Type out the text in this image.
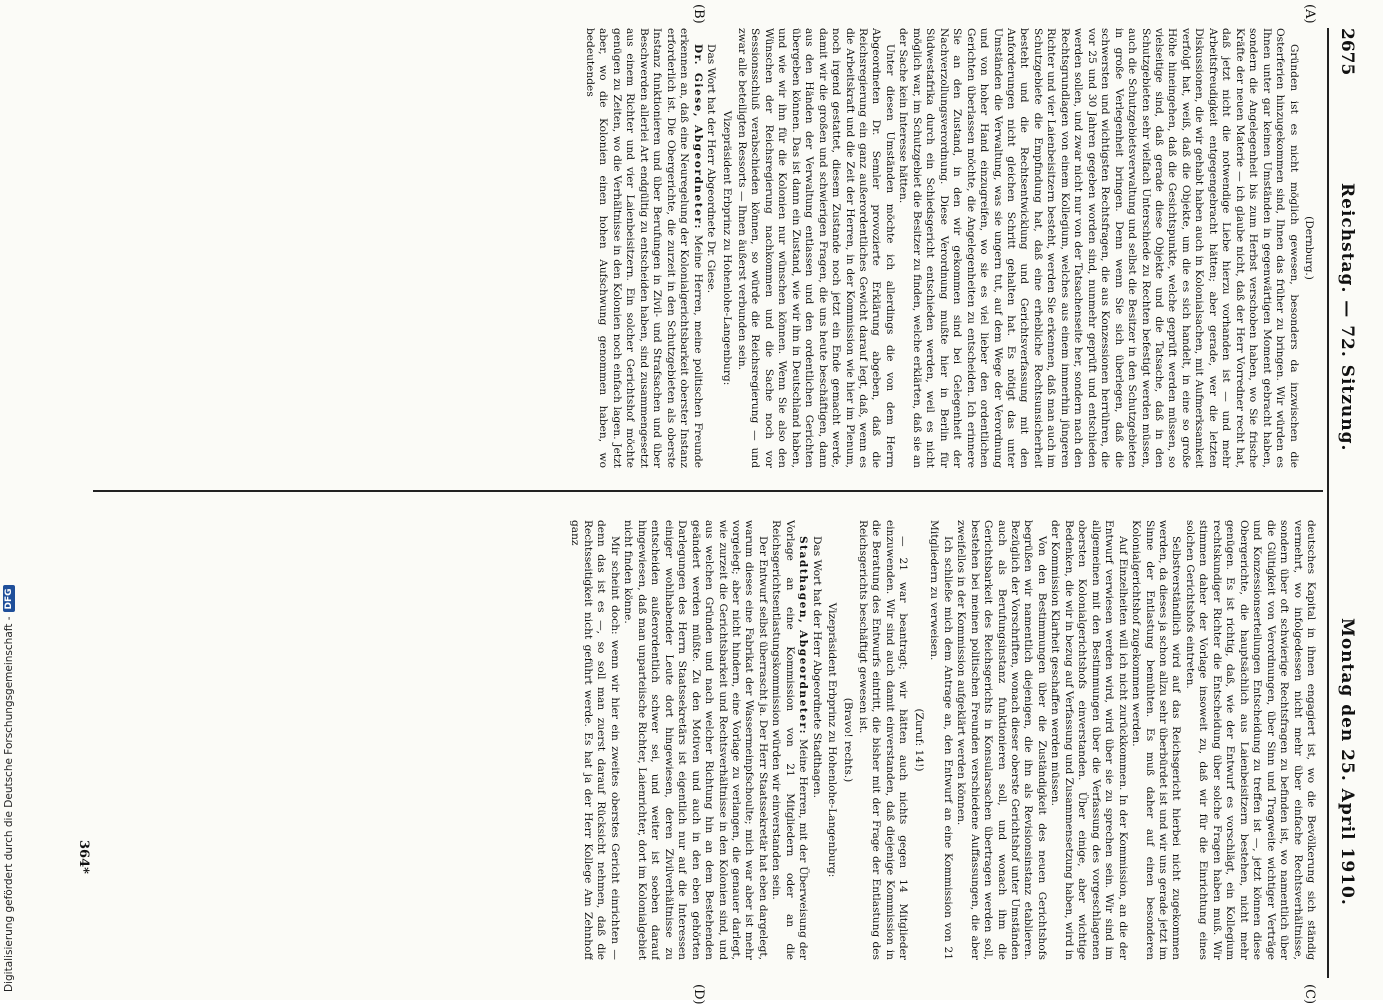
2675
Reichstag. — 72. Sitzung.
Montag den 25. April 1910.
(A)
(B)
(C)
(D)

(Dernburg.)

Gründen ist es nicht möglich gewesen, besonders da inzwischen die Osterferien hinzugekommen sind, Ihnen das früher zu bringen. Wir würden es Ihnen unter gar keinen Umständen in gegenwärtigen Moment gebracht haben, sondern die Angelegenheit bis zum Herbst verschoben haben, wo Sie frische Kräfte der neuen Materie — ich glaube nicht, daß der Herr Vorredner recht hat, daß jetzt nicht die notwendige Liebe hierzu vorhanden ist — und mehr Arbeitsfreudigkeit entgegengebracht hätten; aber gerade, wer die letzten Diskussionen, die wir gehabt haben auch in Kolonialsachen, mit Aufmerksamkeit verfolgt hat, weiß, daß die Objekte, um die es sich handelt, in eine so große Höhe hineingehen, daß die Gesichtspunkte, welche geprüft werden müssen, so vielseitige sind, daß gerade diese Objekte und die Tatsache, daß in den Schutzgebieten sehr vielfach Unterschiede zu Rechten befestigt werden müssen, auch die Schutzgebietsverwaltung und selbst die Besitzer in den Schutzgebieten in große Verlegenheit bringen. Denn wenn Sie sich überlegen, daß die schwersten und wichtigsten Rechtsfragen, die aus Konzessionen herrühren, die vor 25 und 30 Jahren gegeben worden sind, nunmehr geprüft und entschieden werden sollen, und zwar nicht nur von der Tatsachenseite her, sondern nach den Rechtsgrundlagen von einem Kollegium, welches aus einem immerhin jüngeren Richter und vier Laienbeisitzern besteht, werden Sie erkennen, daß man auch im Schutzgebiete die Empfindung hat, daß eine erhebliche Rechtsunsicherheit besteht und die Rechtsentwicklung und Gerichtsverfassung mit den Anforderungen nicht gleichen Schritt gehalten hat. Es nötigt das unter Umständen die Verwaltung, was sie ungern tut, auf dem Wege der Verordnung und von hoher Hand einzugreifen, wo sie es viel lieber den ordentlichen Gerichten überlassen möchte, die Angelegenheiten zu entscheiden. Ich erinnere Sie an den Zustand, in den wir gekommen sind bei Gelegenheit der Nachverzollungsverordnung. Diese Verordnung mußte hier in Berlin für Südwestafrika durch ein Schiedsgericht entschieden werden, weil es nicht möglich war, im Schutzgebiet die Besitzer zu finden, welche erklärten, daß sie an der Sache kein Interesse hätten.

Unter diesen Umständen möchte ich allerdings die von dem Herrn Abgeordneten Dr. Semler provozierte Erklärung abgeben, daß die Reichsregierung ein ganz außerordentliches Gewicht darauf legt, daß, wenn es die Arbeitskraft und die Zeit der Herren, in der Kommission wie hier im Plenum, noch irgend gestattet, diesem Zustande noch jetzt ein Ende gemacht werde, damit wir die großen und schwierigen Fragen, die uns heute beschäftigen, dann aus den Händen der Verwaltung entlassen und den ordentlichen Gerichten übergeben können. Das ist dann ein Zustand, wie wir ihn in Deutschland haben, und wie wir ihn für die Kolonien nur wünschen können. Wenn Sie also den Wünschen der Reichsregierung nachkommen und die Sache noch vor Sessionsschluß verabschieden können, so würde die Reichsregierung — und zwar alle beteiligten Ressorts — Ihnen äußerst verbunden sein.

Vizepräsident Erbprinz zu Hohenlohe-Langenburg:

Das Wort hat der Herr Abgeordnete Dr. Giese.

Dr. Giese, Abgeordneter: Meine Herren, meine politischen Freunde erkennen an, daß eine Neuregelung der Kolonialgerichtsbarkeit oberster Instanz erforderlich ist. Die Obergerichte, die zurzeit in den Schutzgebieten als oberste Instanz funktionieren und über Berufungen in Zivil- und Strafsachen und über Beschwerden allerlei Art endgültig zu entscheiden haben, sind zusammengesetzt aus einem Richter und vier Laienbeisitzern. Ein solcher Gerichtshof möchte genügen zu Zeiten, wo die Verhältnisse in den Kolonien noch einfach lagen. Jetzt aber, wo die Kolonien einen hohen Aufschwung genommen haben, wo bedeutendes

deutsches Kapital in ihnen engagiert ist, wo die Bevölkerung sich ständig vermehrt, wo infolgedessen nicht mehr über einfache Rechtsverhältnisse, sondern über oft schwierige Rechtsfragen zu befinden ist, wo namentlich über die Gültigkeit von Verordnungen, über Sinn und Tragweite wichtiger Verträge und Konzessionserteilungen Entscheidung zu treffen ist —, jetzt können diese Obergerichte, die hauptsächlich aus Laienbeisitzern bestehen, nicht mehr genügen. Es ist richtig, daß, wie der Entwurf es vorschlägt, ein Kollegium rechtskundiger Richter die Entscheidung über solche Fragen haben muß. Wir stimmen daher der Vorlage insoweit zu, daß wir für die Einrichtung eines solchen Gerichtshofs eintreten.

Selbstverständlich wird auf das Reichsgericht hierbei nicht zugekommen werden, da dieses ja schon allzu sehr überbürdet ist und wir uns gerade jetzt im Sinne der Entlastung bemühten. Es muß daher auf einen besonderen Kolonialgerichtshof zugekommen werden.

Auf Einzelheiten will ich nicht zurückkommen. In der Kommission, an die der Entwurf verwiesen werden wird, wird über sie zu sprechen sein. Wir sind im allgemeinen mit den Bestimmungen über die Verfassung des vorgeschlagenen obersten Kolonialgerichtshofs einverstanden. Über einige, aber wichtige Bedenken, die wir in bezug auf Verfassung und Zusammensetzung haben, wird in der Kommission Klarheit geschaffen werden müssen.

Von den Bestimmungen über die Zuständigkeit des neuen Gerichtshofs begrüßen wir namentlich diejenigen, die ihn als Revisionsinstanz etablieren. Bezüglich der Vorschriften, wonach dieser oberste Gerichtshof unter Umständen auch als Berufungsinstanz funktionieren soll, und wonach ihm die Gerichtsbarkeit des Reichsgerichts in Konsularsachen übertragen werden soll, bestehen bei meinen politischen Freunden verschiedene Auffassungen, die aber zweifellos in der Kommission aufgeklärt werden können.

Ich schließe mich dem Antrage an, den Entwurf an eine Kommission von 21 Mitgliedern zu verweisen.

(Zuruf: 14!)

— 21 war beantragt; wir hätten auch nichts gegen 14 Mitglieder einzuwenden. Wir sind auch damit einverstanden, daß diejenige Kommission in die Beratung des Entwurfs eintritt, die bisher mit der Frage der Entlastung des Reichsgerichts beschäftigt gewesen ist.

(Bravo! rechts.)

Vizepräsident Erbprinz zu Hohenlohe-Langenburg:

Das Wort hat der Herr Abgeordnete Stadthagen.

Stadthagen, Abgeordneter: Meine Herren, mit der Überweisung der Vorlage an eine Kommission von 21 Mitgliedern oder an die Reichsgerichtsentlastungskommission würden wir einverstanden sein.

Der Entwurf selbst überrascht ja. Der Herr Staatssekretär hat eben dargelegt, warum dieses eine Fabrikat der Wassermeinpfschoulte; mich war aber ist mehr vorgelegt; aber nicht hindern, eine Vorlage zu verlangen, die genauer darlegt, wie zurzeit die Gerichtsbarkeit und Rechtsverhältnisse in den Kolonien sind, und aus welchen Gründen und nach welcher Richtung hin an dem Bestehenden geändert werden müßte. Zu den Motiven und auch in den eben gehörten Darlegungen des Herrn Staatssekretärs ist eigentlich nur auf die Interessen einiger wohlhabender Leute dort hingewiesen, deren Zivilverhältnisse zu entscheiden außerordentlich schwer sei, und weiter ist soeben darauf hingewiesen, daß man unparteiische Richter, Laienrichter, dort im Kolonialgebiet nicht finden könne.

Mir scheint doch: wenn wir hier ein zweites oberstes Gericht einrichten — denn das ist es —, so soll man zuerst darauf Rücksicht nehmen, daß die Rechtsseitigkeit nicht geführt werde. Es hat ja der Herr Kollege Am Zehnhoff ganz

364*
Digitalisierung gefördert durch die Deutsche Forschungsgemeinschaft -
DFG
